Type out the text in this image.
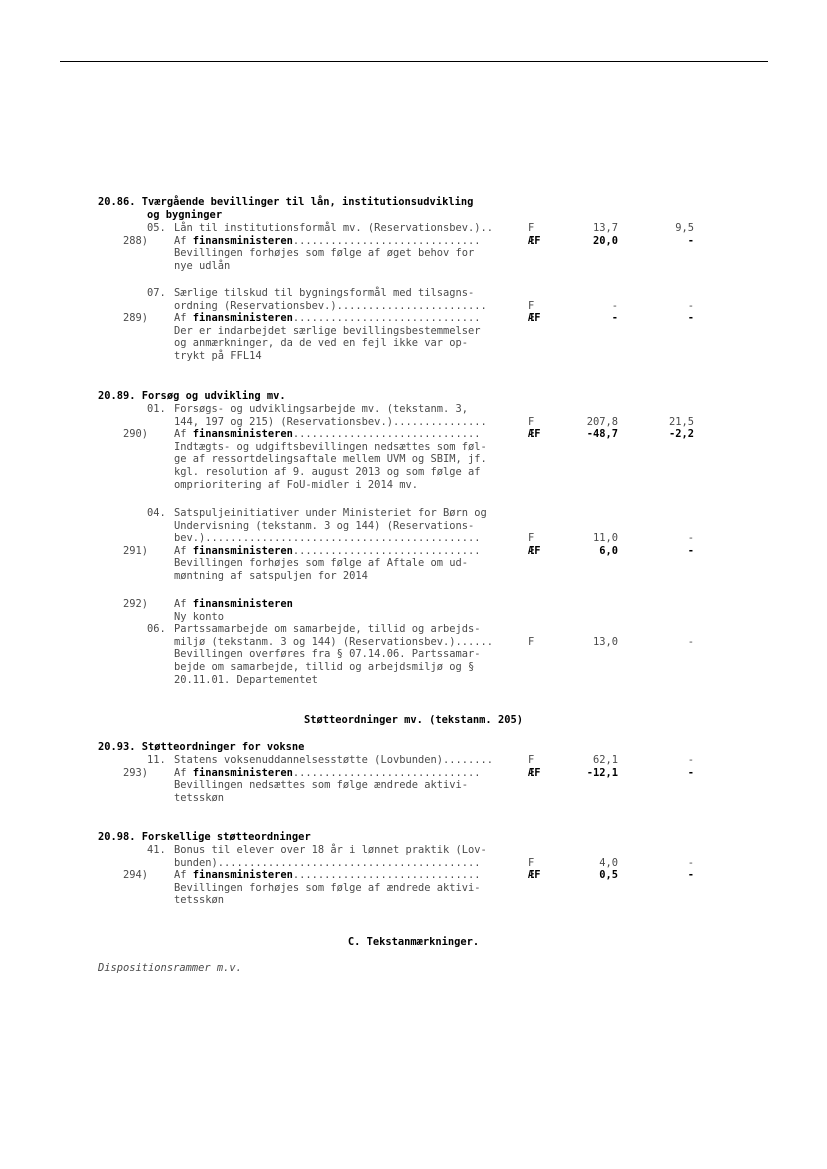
20.86. Tværgående bevillinger til lån, institutionsudvikling
og bygninger
05. Lån til institutionsformål mv. (Reservationsbev.)..	F	13,7	9,5
288)	Af finansministeren..............................	ÆF	20,0	-
Bevillingen forhøjes som følge af øget behov for
nye udlån
07. Særlige tilskud til bygningsformål med tilsagns-
ordning (Reservationsbev.)........................	F	-	-
289)	Af finansministeren..............................	ÆF	-	-
Der er indarbejdet særlige bevillingsbestemmelser
og anmærkninger, da de ved en fejl ikke var op-
trykt på FFL14
20.89. Forsøg og udvikling mv.
01. Forsøgs- og udviklingsarbejde mv. (tekstanm. 3,
144, 197 og 215) (Reservationsbev.)...............	F	207,8	21,5
290)	Af finansministeren..............................	ÆF	-48,7	-2,2
Indtægts- og udgiftsbevillingen nedsættes som føl-
ge af ressortdelingsaftale mellem UVM og SBIM, jf.
kgl. resolution af 9. august 2013 og som følge af
omprioritering af FoU-midler i 2014 mv.
04. Satspuljeinitiativer under Ministeriet for Børn og
Undervisning (tekstanm. 3 og 144) (Reservations-
bev.)............................................	F	11,0	-
291)	Af finansministeren..............................	ÆF	6,0	-
Bevillingen forhøjes som følge af Aftale om ud-
møntning af satspuljen for 2014
292)	Af finansministeren
Ny konto
06. Partssamarbejde om samarbejde, tillid og arbejds-
miljø (tekstanm. 3 og 144) (Reservationsbev.)......	F	13,0	-
Bevillingen overføres fra § 07.14.06. Partssamar-
bejde om samarbejde, tillid og arbejdsmiljø og §
20.11.01. Departementet
Støtteordninger mv. (tekstanm. 205)
20.93. Støtteordninger for voksne
11. Statens voksenuddannelsesstøtte (Lovbunden)........	F	62,1	-
293)	Af finansministeren..............................	ÆF	-12,1	-
Bevillingen nedsættes som følge ændrede aktivi-
tetsskøn
20.98. Forskellige støtteordninger
41. Bonus til elever over 18 år i lønnet praktik (Lov-
bunden)..........................................	F	4,0	-
294)	Af finansministeren..............................	ÆF	0,5	-
Bevillingen forhøjes som følge af ændrede aktivi-
tetsskøn
C. Tekstanmærkninger.
Dispositionsrammer m.v.
